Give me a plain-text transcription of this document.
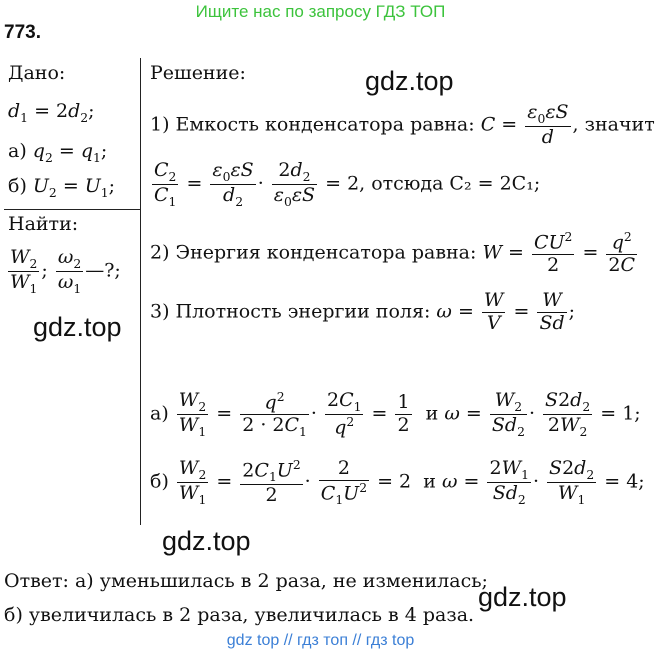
Ищите нас по запросу ГДЗ ТОП
773.
Дано:
$d_1 = 2d_2$;
а) $q_2 = q_1$;
б) $U_2 = U_1$;
Найти:
$\frac{W_2}{W_1}$ ; $\frac{\omega_2}{\omega_1}$ —?;
Решение:
1) Емкость конденсатора равна: $C = \frac{\varepsilon_0\varepsilon S}{d}$ , значит
$\frac{C_2}{C_1} = \frac{\varepsilon_0\varepsilon S}{d_2} \cdot \frac{2d_2}{\varepsilon_0\varepsilon S} = 2$, отсюда C₂ = 2C₁;
2) Энергия конденсатора равна: $W = \frac{CU^2}{2} = \frac{q^2}{2C}$
3) Плотность энергии поля: $\omega = \frac{W}{V} = \frac{W}{Sd}$ ;
$а) \frac{W_2}{W_1} = \frac{q^2}{2 \cdot 2C_1} \cdot \frac{2C_1}{q^2} = \frac{1}{2}$ и $\omega = \frac{W_2}{Sd_2} \cdot \frac{S2d_2}{2W_2} = 1$;
$б) \frac{W_2}{W_1} = \frac{2C_1U^2}{2} \cdot \frac{2}{C_1U^2} = 2$ и $\omega = \frac{2W_1}{Sd_2} \cdot \frac{S2d_2}{W_1} = 4$;
Ответ: а) уменьшилась в 2 раза, не изменилась;
б) увеличилась в 2 раза, увеличилась в 4 раза.
gdz.top
gdz.top
gdz.top
gdz.top
gdz top // гдз топ // гдз top
